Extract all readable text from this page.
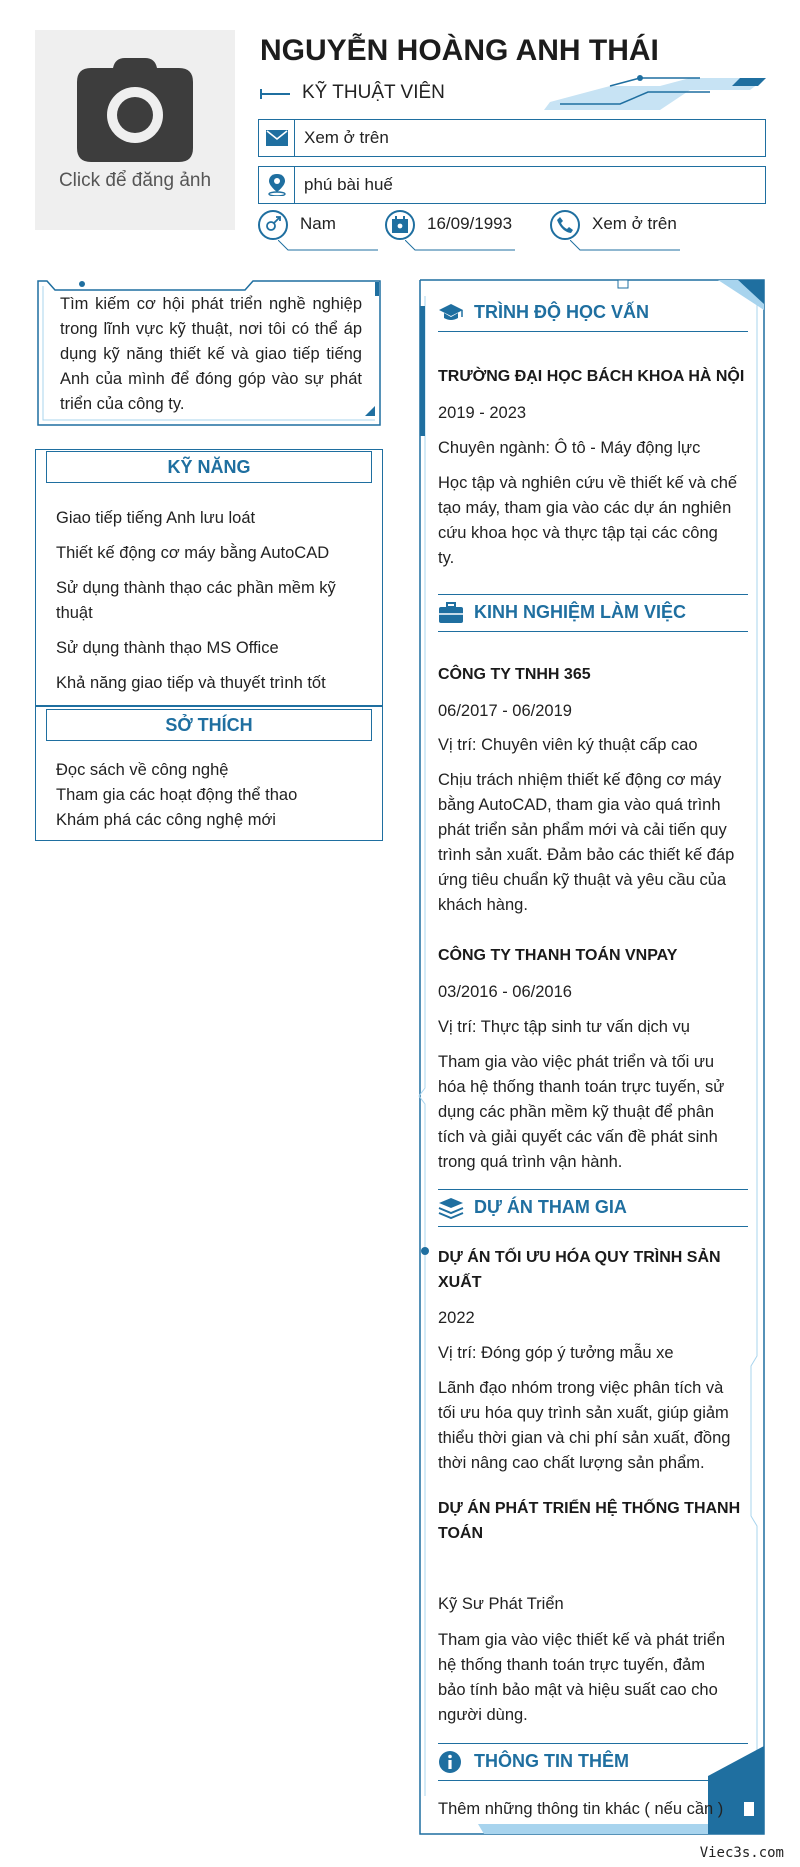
Click để đăng ảnh
NGUYỄN HOÀNG ANH THÁI
KỸ THUẬT VIÊN
Xem ở trên
phú bài huế
Nam	16/09/1993	Xem ở trên
Tìm kiếm cơ hội phát triển nghề nghiệp trong lĩnh vực kỹ thuật, nơi tôi có thể áp dụng kỹ năng thiết kế và giao tiếp tiếng Anh của mình để đóng góp vào sự phát triển của công ty.
KỸ NĂNG
Giao tiếp tiếng Anh lưu loát
Thiết kế động cơ máy bằng AutoCAD
Sử dụng thành thạo các phần mềm kỹ thuật
Sử dụng thành thạo MS Office
Khả năng giao tiếp và thuyết trình tốt
SỞ THÍCH
Đọc sách về công nghệ
Tham gia các hoạt động thể thao
Khám phá các công nghệ mới
TRÌNH ĐỘ HỌC VẤN
TRƯỜNG ĐẠI HỌC BÁCH KHOA HÀ NỘI
2019 - 2023
Chuyên ngành: Ô tô - Máy động lực
Học tập và nghiên cứu về thiết kế và chế
tạo máy, tham gia vào các dự án nghiên
cứu khoa học và thực tập tại các công
ty.
KINH NGHIỆM LÀM VIỆC
CÔNG TY TNHH 365
06/2017 - 06/2019
Vị trí: Chuyên viên ký thuật cấp cao
Chịu trách nhiệm thiết kế động cơ máy
bằng AutoCAD, tham gia vào quá trình
phát triển sản phẩm mới và cải tiến quy
trình sản xuất. Đảm bảo các thiết kế đáp
ứng tiêu chuẩn kỹ thuật và yêu cầu của
khách hàng.
CÔNG TY THANH TOÁN VNPAY
03/2016 - 06/2016
Vị trí: Thực tập sinh tư vấn dịch vụ
Tham gia vào việc phát triển và tối ưu
hóa hệ thống thanh toán trực tuyến, sử
dụng các phần mềm kỹ thuật để phân
tích và giải quyết các vấn đề phát sinh
trong quá trình vận hành.
DỰ ÁN THAM GIA
DỰ ÁN TỐI ƯU HÓA QUY TRÌNH SẢN
XUẤT
2022
Vị trí: Đóng góp ý tưởng mẫu xe
Lãnh đạo nhóm trong việc phân tích và
tối ưu hóa quy trình sản xuất, giúp giảm
thiểu thời gian và chi phí sản xuất, đồng
thời nâng cao chất lượng sản phẩm.
DỰ ÁN PHÁT TRIỂN HỆ THỐNG THANH
TOÁN
Kỹ Sư Phát Triển
Tham gia vào việc thiết kế và phát triển
hệ thống thanh toán trực tuyến, đảm
bảo tính bảo mật và hiệu suất cao cho
người dùng.
THÔNG TIN THÊM
Thêm những thông tin khác ( nếu cần )
Viec3s.com
